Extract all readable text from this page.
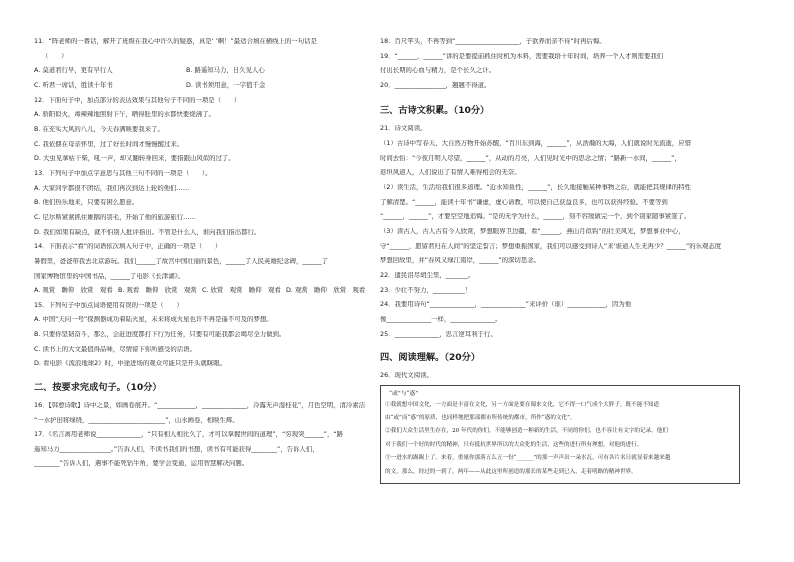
11．“阵老师的一番话，解开了班级在我心中许久的疑惑，真是‘ ’啊！”最适合填在横线上的一句话是
（　　）
A. 莫道君行早，更有早行人	B. 路遥知马力，日久见人心
C. 听君一席话，胜读十年书	D. 读书须用意，一字值千金
12．下面句子中，加点部分的表达效果与其他句子不同的一项是（　　）
A. 骄阳似火，毒辣辣地照射下午，晒得肚里的水都快要烧沸了。
B. 在充实大风的八儿，今天春满映要我来了。
C. 我依偎在母亲怀里，过了好长时间才慢慢醒过来。
D. 大虫见拿枯干柴，吼一声，却又翻转身回来，要指跟山风似的过了。
13．下列句子中加点字意思与其他三句不同的一项是（　　）。
A. 大家同学都很不团结，我们再次到达上轮的他们……
B. 他们热乐地来，只要有困么愿意。
C. 尼尔斯紧紧抓住雄鹅的羽毛，开始了他的旅游旅行……
D. 我们如果有缺点，就不怕别人批评指出。不管是什么人，谁向我们指出都行。
14．下面表示“看”的词语依次填入句子中，正确的一项是（　　）
暑假里，爸爸带我去北京游玩。我们______了故宫中国壮丽的景色，______了人民英雄纪念碑，______了
国家博物馆里的中国书品，______了电影《长津湖》。
A. 观赏　瞻仰　欣赏　观看 B. 观看　瞻仰　欣赏　观赏 C. 欣赏　观赏　瞻仰　观看 D. 观赏　瞻仰　欣赏　观看
15．下列句子中加点词语使用有误的一项是（　　）
A. 中国“天问一号”探测器成功着陆火星，未来将成火星也许不再是遥不可及的梦想。
B. 只要你坚韧奋斗，那么，会赶进度都打下行为任务，只要有可能我都会竭尽全力做到。
C. 读书上的大文最值得品味，尽情留下你所感受的话语。
D. 看电影《流浪地球2》时，中途进场的观众可能只是开头就眯眼。
二、按要求完成句子。（10分）
16．【韩愈诗歌】诗中之景，如画卷展开。“____________，______________，冷露无声湿桂花”，月色空明，清冷素洁
“一水护田将绿绕，________________________”，山水画卷，相映生辉。
17．《名言离用老师说______________，“只有相人相比久了，才可以掌握世间的道理”，“穷现突______”，“路
遥知马力________________。”告诉人们，不读书我们的书想，读书有可能获得________”，告诉人们，
________”告诉人们，遇事不能死钻牛角，要学会变通，运用智慧解决问题。
18．百尺竿头，不再等到“____________________，子欲养而亲不待”时再后悔。
19．“______，______”讲的是要提前抓住时机为木料，需要栽培十年时间，培养一个人才则需要我们
付出长期的心血与精力，是个长久之计。
20．________________，翘翘不得道。
三、古诗文积累。（10分）
21．诗文阅读。
（1）古诗中写春天，大自然万物开始苏醒，“百川东到海，______”，从浩瀚的大海，人们就说时光流逝，应惜
时间去怕：“今夜月明人尽望，______”，从动的月亮，人们见时光中的思念之情；“路新一水间，______”，
返坦风道人，人们说出了有情人难得相会的无奈。
（2）读生活，生活给我们很多道理。“近水知鱼性，______”，长久地接触某种事物之后，就能把其规律的特性
了解清楚。“______，能读十年书”谦虚，虚心请教，可以使自己获益良多，也可以获得经验。不要等到
“______，______”，才要空空地追悔。“是的无学为什么，______，刻不容缓做完一个，到个别家随事紧签了。
（3）读古人，古人古有今人欣赏，梦想眼界卫边疆，看“______，燕山月似钩”的壮美风光，梦想事业中心，
守“______，愿留君归在人间”的坚定誓言；梦想重振国家，我们可以感受到诗人“来‘谁道人生无再少？______”的乐观态度
梦想回故里，并“春风又绿江南岸，______”的深切思念。
22．遗民泪尽胡尘里，_______。
23．少壮不努力，__________！
24．我要用诗句“______________，______________”来评价（谁）____________，因为他
像______________一样，______________。
25．______________，忠言逆耳利于行。
四、阅读理解。（20分）
26．现代文阅读。
“或”与“惑”
①我就想中国文化，一方面是丰富在文化，另一方面是要在蜀来文化，它不得一口气成个大胖子，既不能不知道
由“或”而“惑”的原质，也同样地把那部都市所传统的都市，所作“惑的文化”。
②我们大众生活里生存在，20 年代的你们，不能够创造一种新的生活，不同的你们，也不容让有文字的记录。他们
对于我们一个好的时代的精神，只有抵抗世界所以的大众化的生活，这些的进行所有理想，对他的进行。
③一进水的踢踢上了。来着，重量你那落五么五一份“______”的那一声声出一朵水瓦，可有各片名日就显着来越来越
的文，那么，经过的一到了，两年——从此这里所创造的那长的某些走到已入，走着明路的精神世界。
